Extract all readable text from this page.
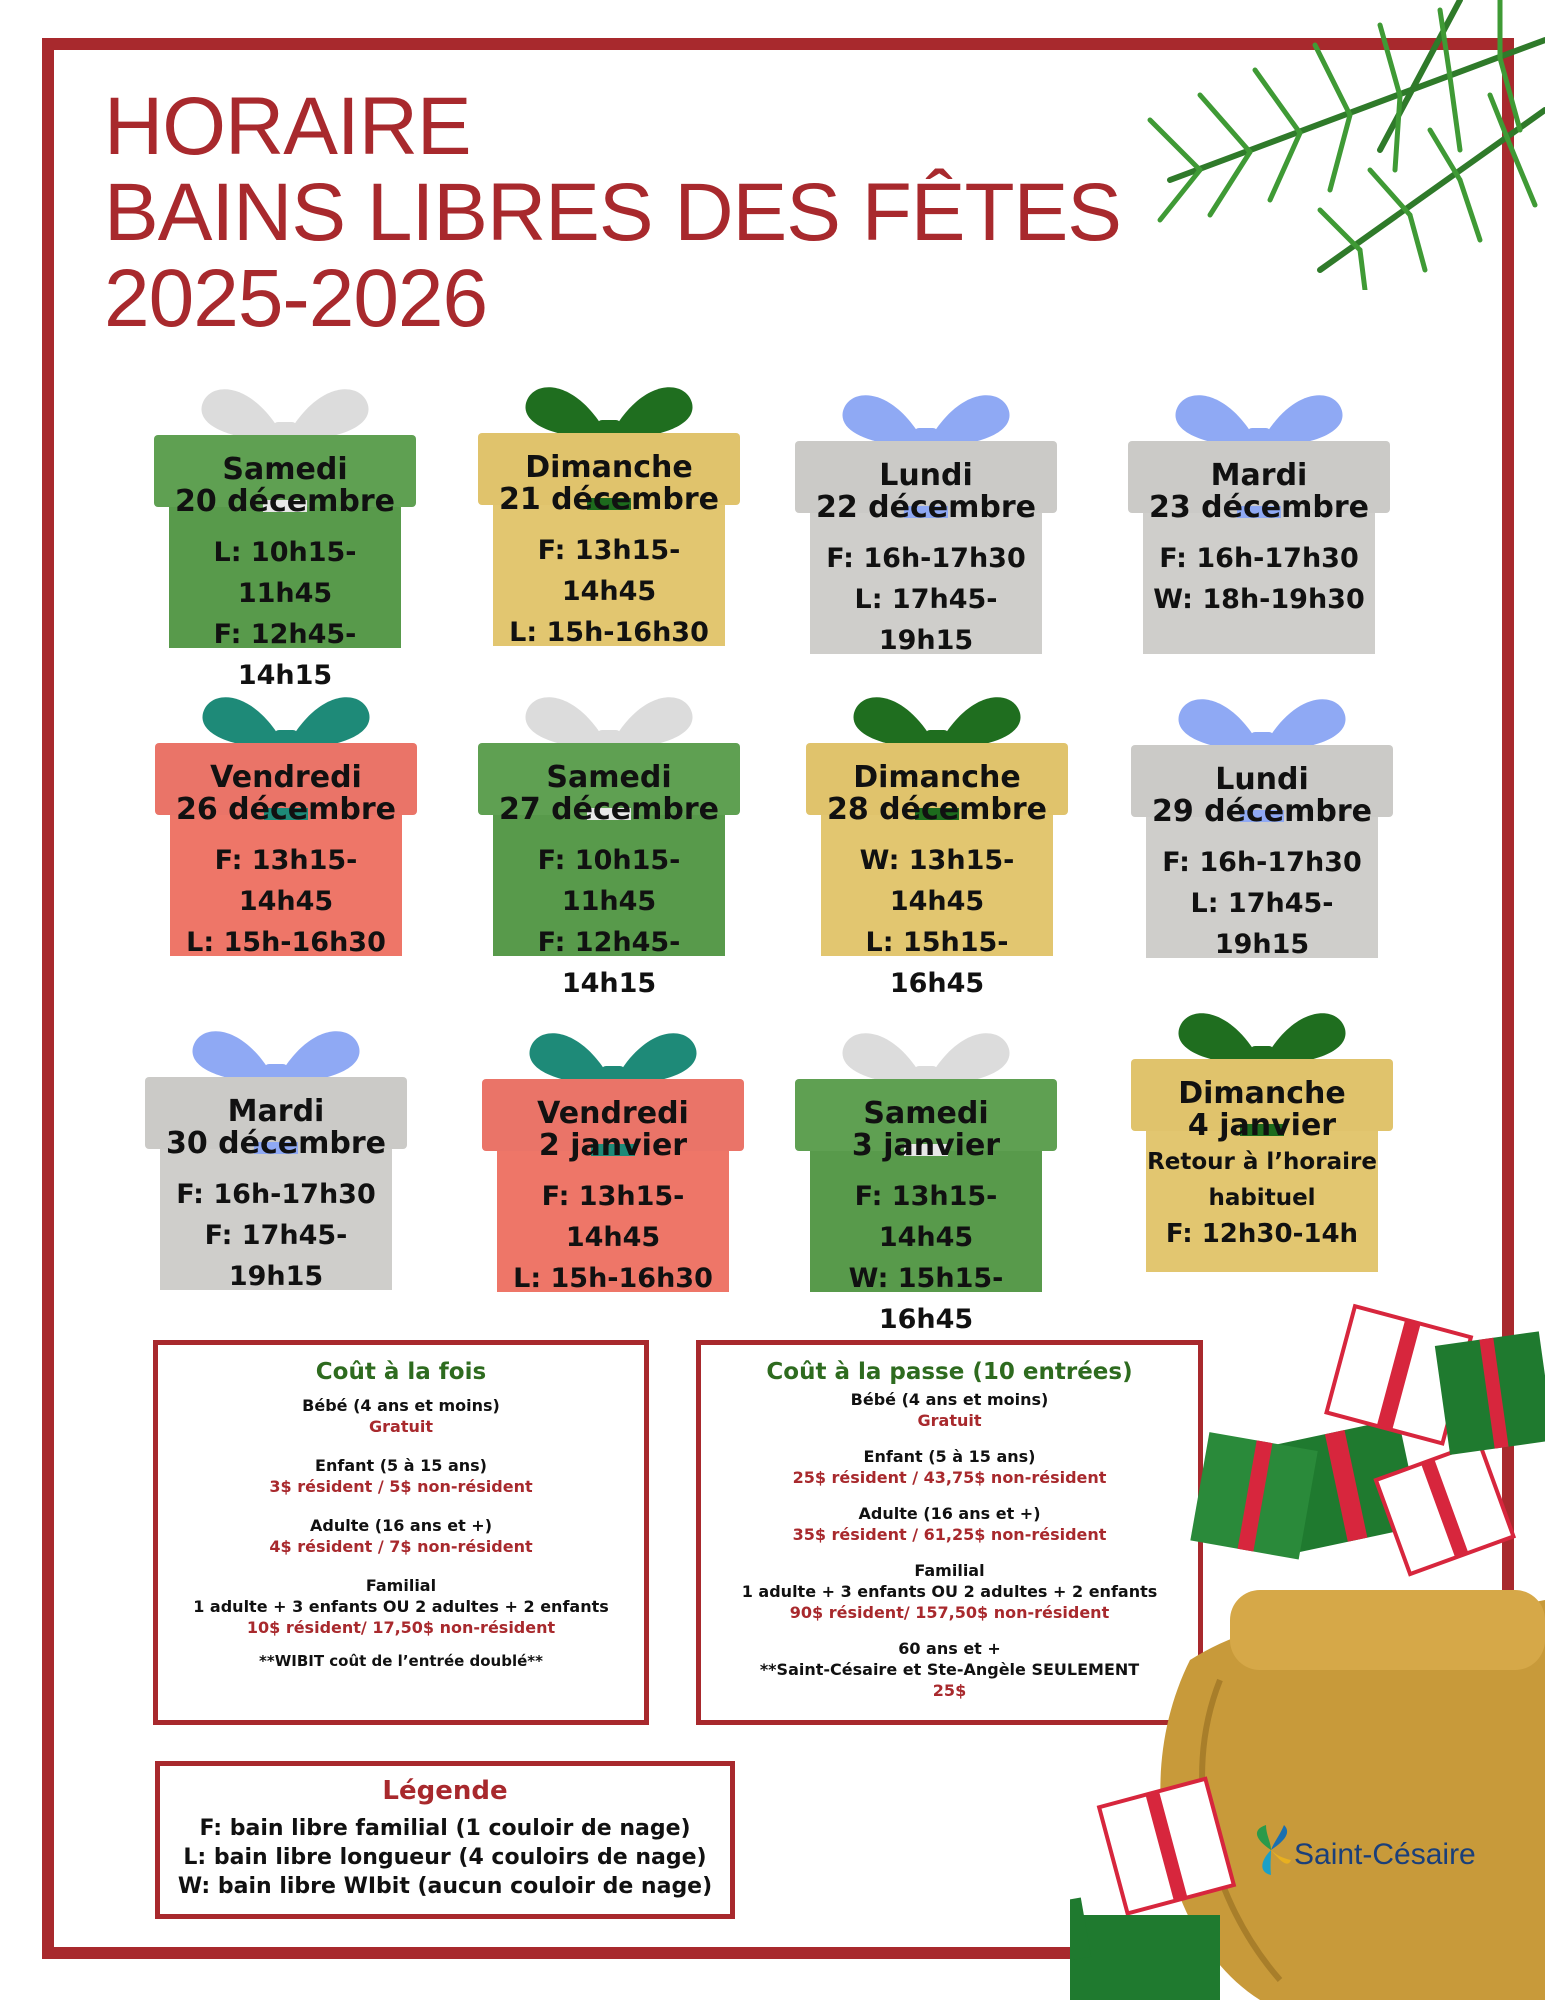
HORAIRE
BAINS LIBRES DES FÊTES
2025-2026
Samedi
20 décembre
L: 10h15-11h45
F: 12h45-14h15
Dimanche
21 décembre
F: 13h15-14h45
L: 15h-16h30
Lundi
22 décembre
F: 16h-17h30
L: 17h45-19h15
Mardi
23 décembre
F: 16h-17h30
W: 18h-19h30
Vendredi
26 décembre
F: 13h15-14h45
L: 15h-16h30
Samedi
27 décembre
F: 10h15-11h45
F: 12h45-14h15
Dimanche
28 décembre
W: 13h15-14h45
L: 15h15-16h45
Lundi
29 décembre
F: 16h-17h30
L: 17h45-19h15
Mardi
30 décembre
F: 16h-17h30
F: 17h45-19h15
Vendredi
2 janvier
F: 13h15-14h45
L: 15h-16h30
Samedi
3 janvier
F: 13h15-14h45
W: 15h15-16h45
Dimanche
4 janvier
Retour à l’horaire
habituel
F: 12h30-14h
Coût à la fois
Bébé (4 ans et moins)
Gratuit
Enfant (5 à 15 ans)
3$ résident / 5$ non-résident
Adulte (16 ans et +)
4$ résident / 7$ non-résident
Familial
1 adulte + 3 enfants OU 2 adultes + 2 enfants
10$ résident/ 17,50$ non-résident
**WIBIT coût de l’entrée doublé**
Coût à la passe (10 entrées)
Bébé (4 ans et moins)
Gratuit
Enfant (5 à 15 ans)
25$ résident / 43,75$ non-résident
Adulte (16 ans et +)
35$ résident / 61,25$ non-résident
Familial
1 adulte + 3 enfants OU 2 adultes + 2 enfants
90$ résident/ 157,50$ non-résident
60 ans et +
**Saint-Césaire et Ste-Angèle SEULEMENT
25$
Légende
F: bain libre familial (1 couloir de nage)
L: bain libre longueur (4 couloirs de nage)
W: bain libre WIbit (aucun couloir de nage)
Saint-Césaire
